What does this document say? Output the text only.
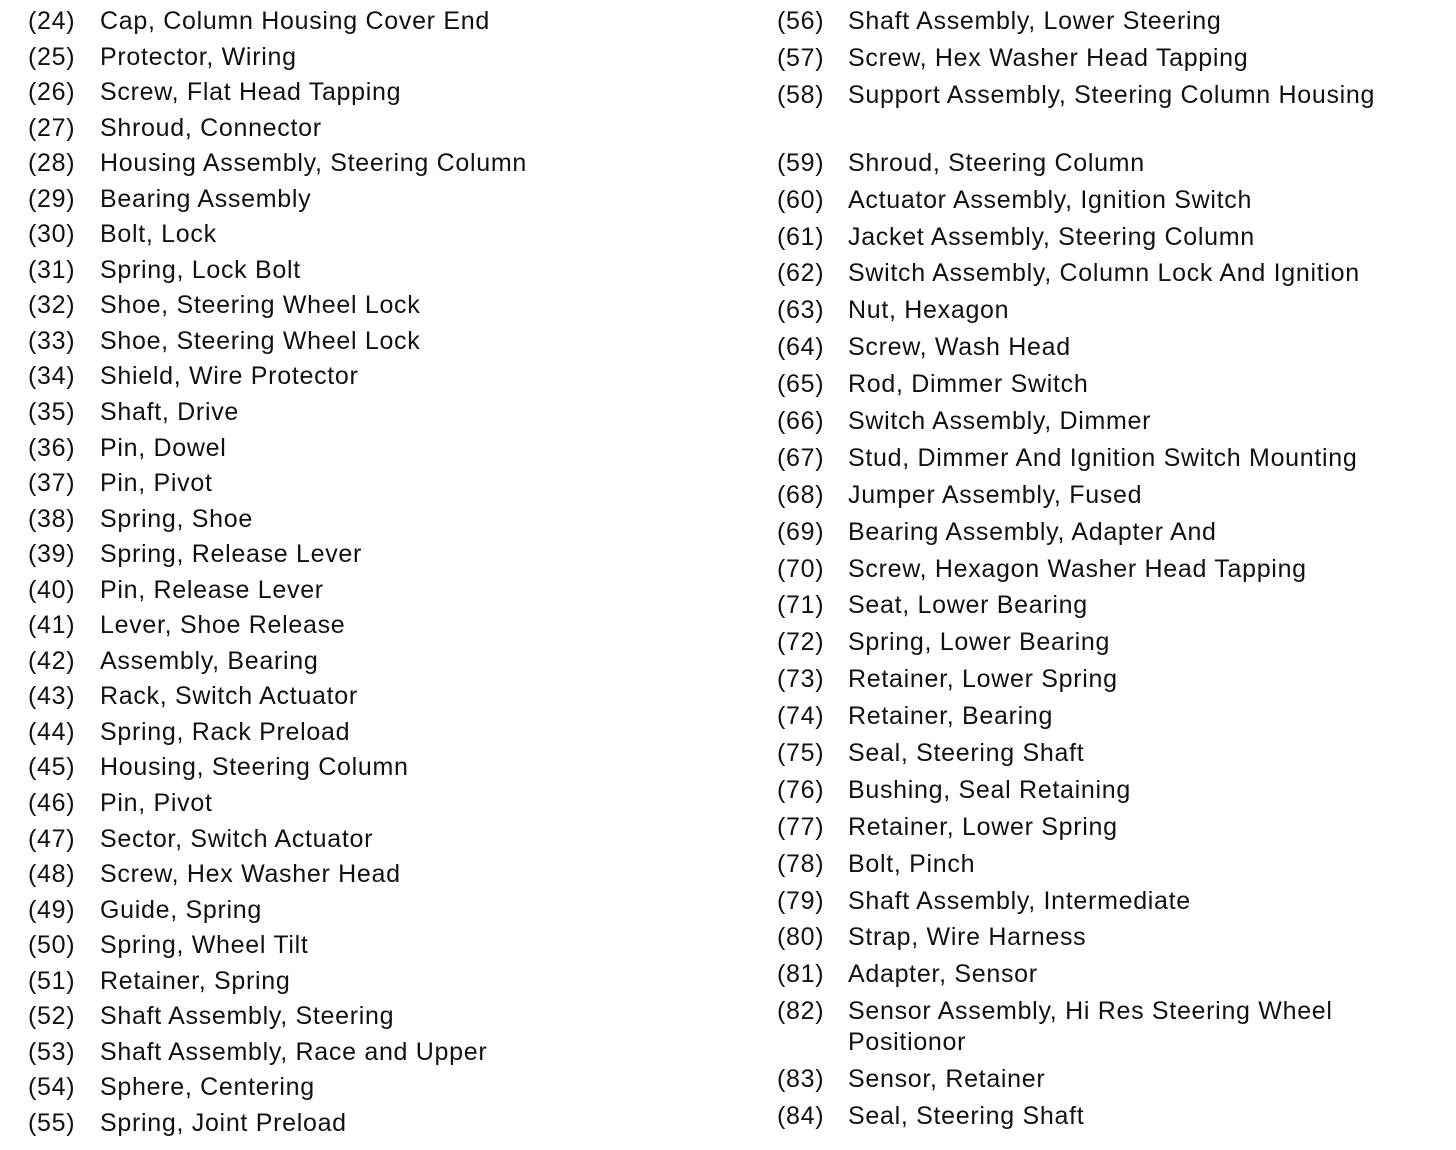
(24) Cap, Column Housing Cover End
(25) Protector, Wiring
(26) Screw, Flat Head Tapping
(27) Shroud, Connector
(28) Housing Assembly, Steering Column
(29) Bearing Assembly
(30) Bolt, Lock
(31) Spring, Lock Bolt
(32) Shoe, Steering Wheel Lock
(33) Shoe, Steering Wheel Lock
(34) Shield, Wire Protector
(35) Shaft, Drive
(36) Pin, Dowel
(37) Pin, Pivot
(38) Spring, Shoe
(39) Spring, Release Lever
(40) Pin, Release Lever
(41) Lever, Shoe Release
(42) Assembly, Bearing
(43) Rack, Switch Actuator
(44) Spring, Rack Preload
(45) Housing, Steering Column
(46) Pin, Pivot
(47) Sector, Switch Actuator
(48) Screw, Hex Washer Head
(49) Guide, Spring
(50) Spring, Wheel Tilt
(51) Retainer, Spring
(52) Shaft Assembly, Steering
(53) Shaft Assembly, Race and Upper
(54) Sphere, Centering
(55) Spring, Joint Preload
(56) Shaft Assembly, Lower Steering
(57) Screw, Hex Washer Head Tapping
(58) Support Assembly, Steering Column Housing
(59) Shroud, Steering Column
(60) Actuator Assembly, Ignition Switch
(61) Jacket Assembly, Steering Column
(62) Switch Assembly, Column Lock And Ignition
(63) Nut, Hexagon
(64) Screw, Wash Head
(65) Rod, Dimmer Switch
(66) Switch Assembly, Dimmer
(67) Stud, Dimmer And Ignition Switch Mounting
(68) Jumper Assembly, Fused
(69) Bearing Assembly, Adapter And
(70) Screw, Hexagon Washer Head Tapping
(71) Seat, Lower Bearing
(72) Spring, Lower Bearing
(73) Retainer, Lower Spring
(74) Retainer, Bearing
(75) Seal, Steering Shaft
(76) Bushing, Seal Retaining
(77) Retainer, Lower Spring
(78) Bolt, Pinch
(79) Shaft Assembly, Intermediate
(80) Strap, Wire Harness
(81) Adapter, Sensor
(82) Sensor Assembly, Hi Res Steering Wheel Positionor
(83) Sensor, Retainer
(84) Seal, Steering Shaft
